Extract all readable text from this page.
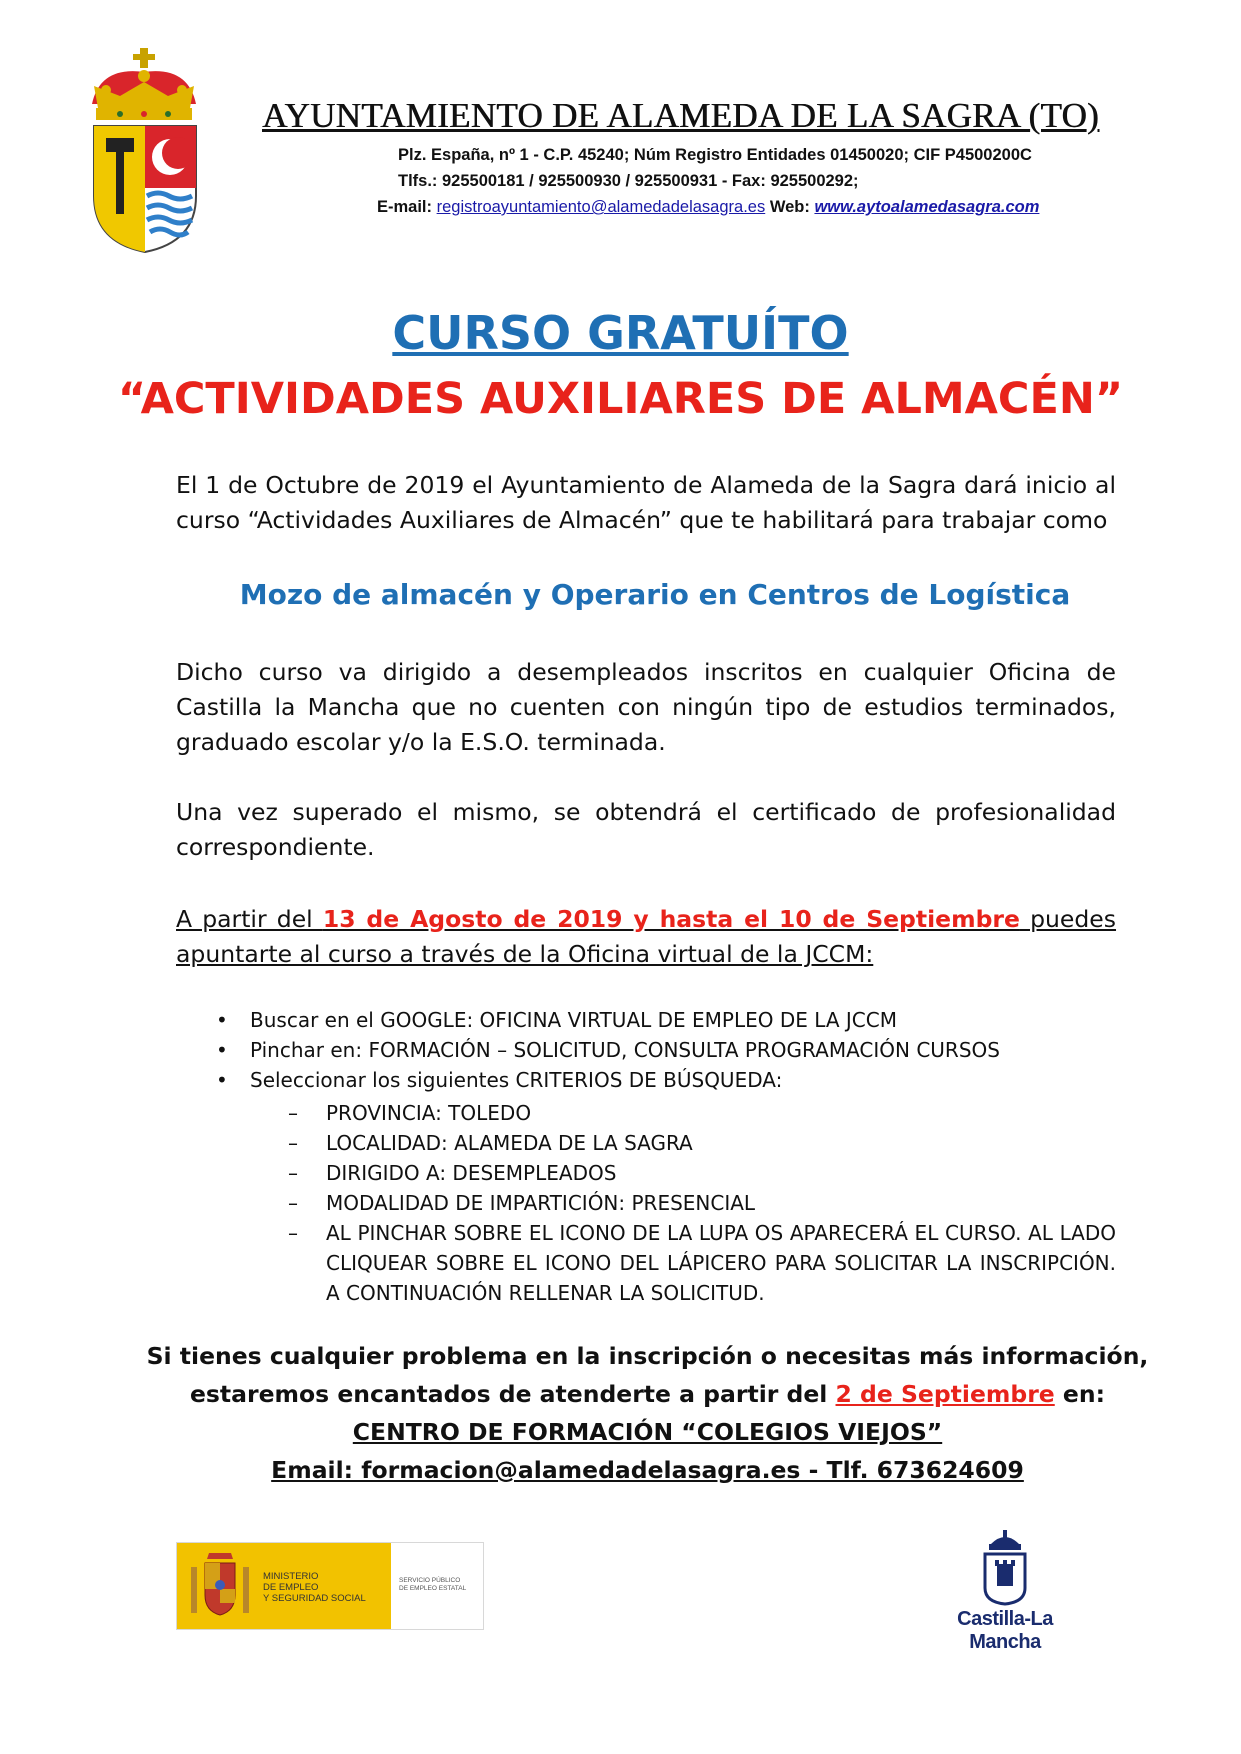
AYUNTAMIENTO DE ALAMEDA DE LA SAGRA (TO)
Plz. España, nº 1 - C.P. 45240; Núm Registro Entidades 01450020; CIF P4500200C
Tlfs.: 925500181 / 925500930 / 925500931 - Fax: 925500292;
E-mail: registroayuntamiento@alamedadelasagra.es Web: www.aytoalamedasagra.com
CURSO GRATUÍTO
“ACTIVIDADES AUXILIARES DE ALMACÉN”
El 1 de Octubre de 2019 el Ayuntamiento de Alameda de la Sagra dará inicio al curso “Actividades Auxiliares de Almacén” que te habilitará para trabajar como
Mozo de almacén y Operario en Centros de Logística
Dicho curso va dirigido a desempleados inscritos en cualquier Oficina de Castilla la Mancha que no cuenten con ningún tipo de estudios terminados, graduado escolar y/o la E.S.O. terminada.
Una vez superado el mismo, se obtendrá el certificado de profesionalidad correspondiente.
A partir del 13 de Agosto de 2019 y hasta el 10 de Septiembre puedes apuntarte al curso a través de la Oficina virtual de la JCCM:
• Buscar en el GOOGLE: OFICINA VIRTUAL DE EMPLEO DE LA JCCM
• Pinchar en: FORMACIÓN – SOLICITUD, CONSULTA PROGRAMACIÓN CURSOS
• Seleccionar los siguientes CRITERIOS DE BÚSQUEDA:
– PROVINCIA: TOLEDO
– LOCALIDAD: ALAMEDA DE LA SAGRA
– DIRIGIDO A: DESEMPLEADOS
– MODALIDAD DE IMPARTICIÓN: PRESENCIAL
– AL PINCHAR SOBRE EL ICONO DE LA LUPA OS APARECERÁ EL CURSO. AL LADO CLIQUEAR SOBRE EL ICONO DEL LÁPICERO PARA SOLICITAR LA INSCRIPCIÓN. A CONTINUACIÓN RELLENAR LA SOLICITUD.
Si tienes cualquier problema en la inscripción o necesitas más información,
estaremos encantados de atenderte a partir del 2 de Septiembre en:
CENTRO DE FORMACIÓN “COLEGIOS VIEJOS”
Email: formacion@alamedadelasagra.es - Tlf. 673624609
MINISTERIO
DE EMPLEO
Y SEGURIDAD SOCIAL
SERVICIO PÚBLICO
DE EMPLEO ESTATAL
Castilla-La Mancha
